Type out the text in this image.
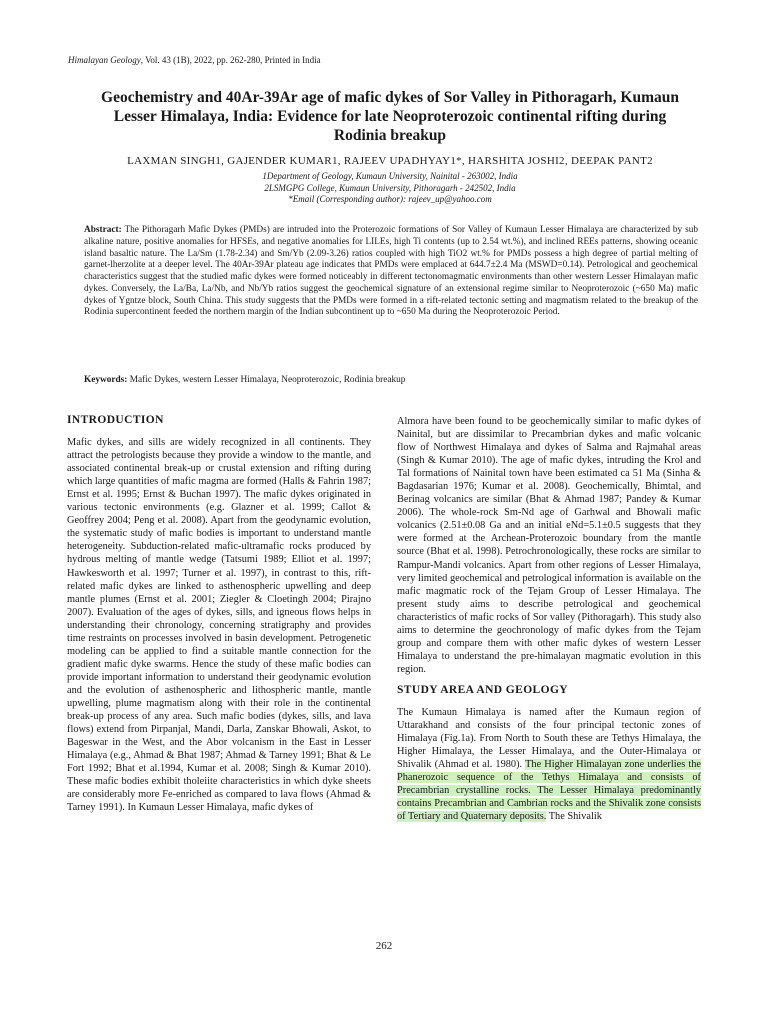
Himalayan Geology, Vol. 43 (1B), 2022, pp. 262-280, Printed in India
Geochemistry and 40Ar-39Ar age of mafic dykes of Sor Valley in Pithoragarh, Kumaun Lesser Himalaya, India: Evidence for late Neoproterozoic continental rifting during Rodinia breakup
LAXMAN SINGH1, GAJENDER KUMAR1, RAJEEV UPADHYAY1*, HARSHITA JOSHI2, DEEPAK PANT2
1Department of Geology, Kumaun University, Nainital - 263002, India
2LSMGPG College, Kumaun University, Pithoragarh - 242502, India
*Email (Corresponding author): rajeev_up@yahoo.com
Abstract: The Pithoragarh Mafic Dykes (PMDs) are intruded into the Proterozoic formations of Sor Valley of Kumaun Lesser Himalaya are characterized by sub alkaline nature, positive anomalies for HFSEs, and negative anomalies for LILEs, high Ti contents (up to 2.54 wt.%), and inclined REEs patterns, showing oceanic island basaltic nature. The La/Sm (1.78-2.34) and Sm/Yb (2.09-3.26) ratios coupled with high TiO2 wt.% for PMDs possess a high degree of partial melting of garnet-lherzolite at a deeper level. The 40Ar-39Ar plateau age indicates that PMDs were emplaced at 644.7±2.4 Ma (MSWD=0.14). Petrological and geochemical characteristics suggest that the studied mafic dykes were formed noticeably in different tectonomagmatic environments than other western Lesser Himalayan mafic dykes. Conversely, the La/Ba, La/Nb, and Nb/Yb ratios suggest the geochemical signature of an extensional regime similar to Neoproterozoic (~650 Ma) mafic dykes of Ygntze block, South China. This study suggests that the PMDs were formed in a rift-related tectonic setting and magmatism related to the breakup of the Rodinia supercontinent feeded the northern margin of the Indian subcontinent up to ~650 Ma during the Neoproterozoic Period.
Keywords: Mafic Dykes, western Lesser Himalaya, Neoproterozoic, Rodinia breakup
INTRODUCTION

Mafic dykes, and sills are widely recognized in all continents. They attract the petrologists because they provide a window to the mantle, and associated continental break-up or crustal extension and rifting during which large quantities of mafic magma are formed (Halls & Fahrin 1987; Ernst et al. 1995; Ernst & Buchan 1997). The mafic dykes originated in various tectonic environments (e.g. Glazner et al. 1999; Callot & Geoffrey 2004; Peng et al. 2008). Apart from the geodynamic evolution, the systematic study of mafic bodies is important to understand mantle heterogeneity. Subduction-related mafic-ultramafic rocks produced by hydrous melting of mantle wedge (Tatsumi 1989; Elliot et al. 1997; Hawkesworth et al. 1997; Turner et al. 1997), in contrast to this, rift-related mafic dykes are linked to asthenospheric upwelling and deep mantle plumes (Ernst et al. 2001; Ziegler & Cloetingh 2004; Pirajno 2007). Evaluation of the ages of dykes, sills, and igneous flows helps in understanding their chronology, concerning stratigraphy and provides time restraints on processes involved in basin development. Petrogenetic modeling can be applied to find a suitable mantle connection for the gradient mafic dyke swarms. Hence the study of these mafic bodies can provide important information to understand their geodynamic evolution and the evolution of asthenospheric and lithospheric mantle, mantle upwelling, plume magmatism along with their role in the continental break-up process of any area. Such mafic bodies (dykes, sills, and lava flows) extend from Pirpanjal, Mandi, Darla, Zanskar Bhowali, Askot, to Bageswar in the West, and the Abor volcanism in the East in Lesser Himalaya (e.g., Ahmad & Bhat 1987; Ahmad & Tarney 1991; Bhat & Le Fort 1992; Bhat et al.1994, Kumar et al. 2008; Singh & Kumar 2010). These mafic bodies exhibit tholeiite characteristics in which dyke sheets are considerably more Fe-enriched as compared to lava flows (Ahmad & Tarney 1991). In Kumaun Lesser Himalaya, mafic dykes of

Almora have been found to be geochemically similar to mafic dykes of Nainital, but are dissimilar to Precambrian dykes and mafic volcanic flow of Northwest Himalaya and dykes of Salma and Rajmahal areas (Singh & Kumar 2010). The age of mafic dykes, intruding the Krol and Tal formations of Nainital town have been estimated ca 51 Ma (Sinha & Bagdasarian 1976; Kumar et al. 2008). Geochemically, Bhimtal, and Berinag volcanics are similar (Bhat & Ahmad 1987; Pandey & Kumar 2006). The whole-rock Sm-Nd age of Garhwal and Bhowali mafic volcanics (2.51±0.08 Ga and an initial eNd=5.1±0.5 suggests that they were formed at the Archean-Proterozoic boundary from the mantle source (Bhat et al. 1998). Petrochronologically, these rocks are similar to Rampur-Mandi volcanics. Apart from other regions of Lesser Himalaya, very limited geochemical and petrological information is available on the mafic magmatic rock of the Tejam Group of Lesser Himalaya. The present study aims to describe petrological and geochemical characteristics of mafic rocks of Sor valley (Pithoragarh). This study also aims to determine the geochronology of mafic dykes from the Tejam group and compare them with other mafic dykes of western Lesser Himalaya to understand the pre-himalayan magmatic evolution in this region.

STUDY AREA AND GEOLOGY

The Kumaun Himalaya is named after the Kumaun region of Uttarakhand and consists of the four principal tectonic zones of Himalaya (Fig.1a). From North to South these are Tethys Himalaya, the Higher Himalaya, the Lesser Himalaya, and the Outer-Himalaya or Shivalik (Ahmad et al. 1980). The Higher Himalayan zone underlies the Phanerozoic sequence of the Tethys Himalaya and consists of Precambrian crystalline rocks. The Lesser Himalaya predominantly contains Precambrian and Cambrian rocks and the Shivalik zone consists of Tertiary and Quaternary deposits. The Shivalik

262
